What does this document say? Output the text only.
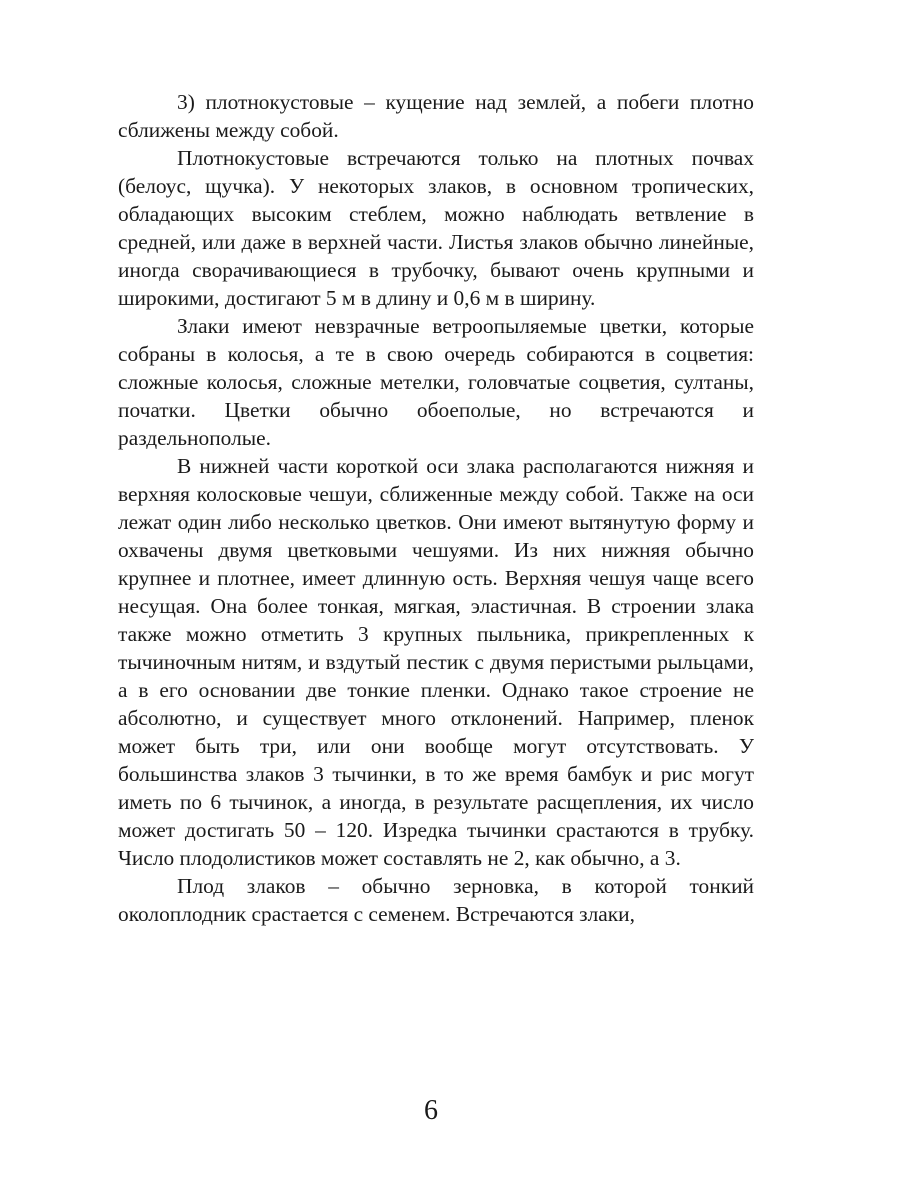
3) плотнокустовые – кущение над землей, а побеги плотно сближены между собой.

Плотнокустовые встречаются только на плотных почвах (белоус, щучка). У некоторых злаков, в основном тропических, обладающих высоким стеблем, можно наблюдать ветвление в средней, или даже в верхней части. Листья злаков обычно линейные, иногда сворачивающиеся в трубочку, бывают очень крупными и широкими, достигают 5 м в длину и 0,6 м в ширину.

Злаки имеют невзрачные ветроопыляемые цветки, которые собраны в колосья, а те в свою очередь собираются в соцветия: сложные колосья, сложные метелки, головчатые соцветия, султаны, початки. Цветки обычно обоеполые, но встречаются и раздельнополые.

В нижней части короткой оси злака располагаются нижняя и верхняя колосковые чешуи, сближенные между собой. Также на оси лежат один либо несколько цветков. Они имеют вытянутую форму и охвачены двумя цветковыми чешуями. Из них нижняя обычно крупнее и плотнее, имеет длинную ость. Верхняя чешуя чаще всего несущая. Она более тонкая, мягкая, эластичная. В строении злака также можно отметить 3 крупных пыльника, прикрепленных к тычиночным нитям, и вздутый пестик с двумя перистыми рыльцами, а в его основании две тонкие пленки. Однако такое строение не абсолютно, и существует много отклонений. Например, пленок может быть три, или они вообще могут отсутствовать. У большинства злаков 3 тычинки, в то же время бамбук и рис могут иметь по 6 тычинок, а иногда, в результате расщепления, их число может достигать 50 – 120. Изредка тычинки срастаются в трубку. Число плодолистиков может составлять не 2, как обычно, а 3.

Плод злаков – обычно зерновка, в которой тонкий околоплодник срастается с семенем. Встречаются злаки,

6
